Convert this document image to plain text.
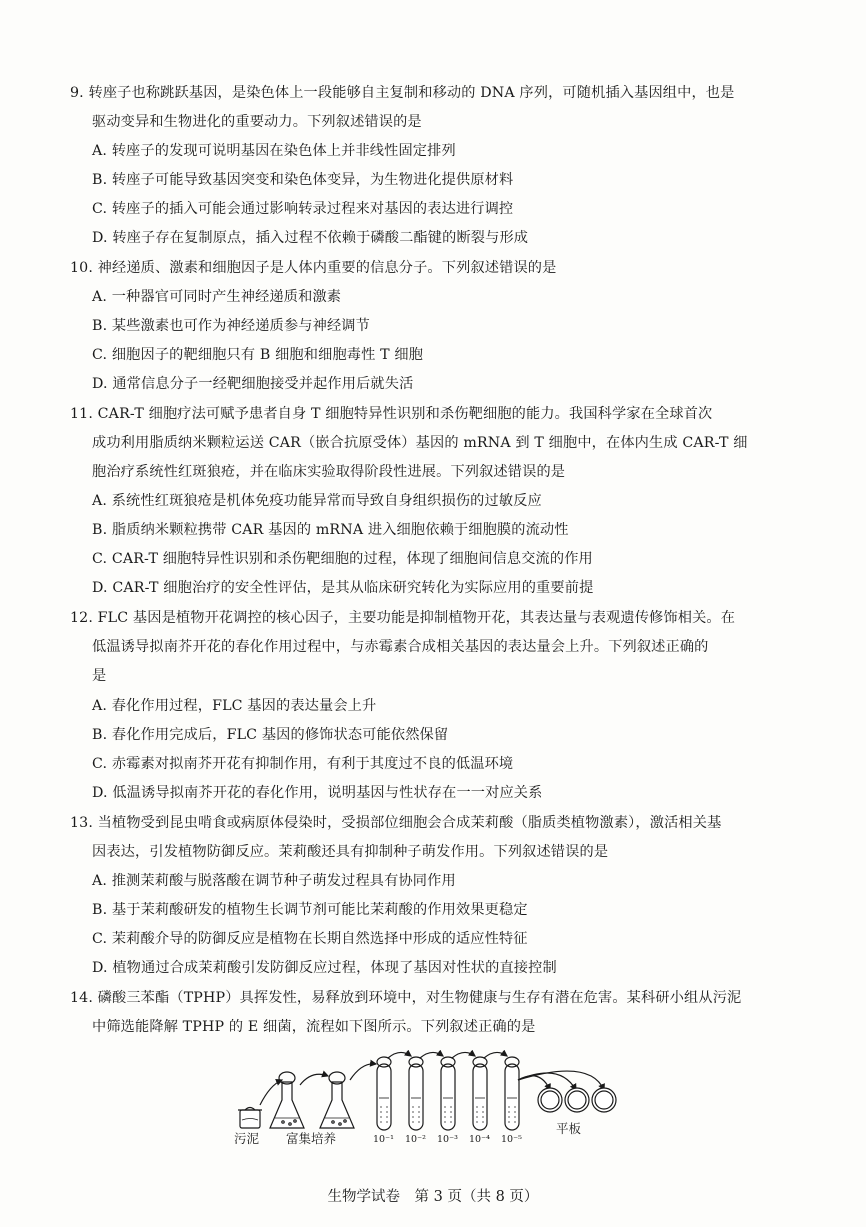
9. 转座子也称跳跃基因，是染色体上一段能够自主复制和移动的 DNA 序列，可随机插入基因组中，也是
驱动变异和生物进化的重要动力。下列叙述错误的是
A. 转座子的发现可说明基因在染色体上并非线性固定排列
B. 转座子可能导致基因突变和染色体变异，为生物进化提供原材料
C. 转座子的插入可能会通过影响转录过程来对基因的表达进行调控
D. 转座子存在复制原点，插入过程不依赖于磷酸二酯键的断裂与形成
10. 神经递质、激素和细胞因子是人体内重要的信息分子。下列叙述错误的是
A. 一种器官可同时产生神经递质和激素
B. 某些激素也可作为神经递质参与神经调节
C. 细胞因子的靶细胞只有 B 细胞和细胞毒性 T 细胞
D. 通常信息分子一经靶细胞接受并起作用后就失活
11. CAR-T 细胞疗法可赋予患者自身 T 细胞特异性识别和杀伤靶细胞的能力。我国科学家在全球首次
成功利用脂质纳米颗粒运送 CAR（嵌合抗原受体）基因的 mRNA 到 T 细胞中，在体内生成 CAR-T 细
胞治疗系统性红斑狼疮，并在临床实验取得阶段性进展。下列叙述错误的是
A. 系统性红斑狼疮是机体免疫功能异常而导致自身组织损伤的过敏反应
B. 脂质纳米颗粒携带 CAR 基因的 mRNA 进入细胞依赖于细胞膜的流动性
C. CAR-T 细胞特异性识别和杀伤靶细胞的过程，体现了细胞间信息交流的作用
D. CAR-T 细胞治疗的安全性评估，是其从临床研究转化为实际应用的重要前提
12. FLC 基因是植物开花调控的核心因子，主要功能是抑制植物开花，其表达量与表观遗传修饰相关。在
低温诱导拟南芥开花的春化作用过程中，与赤霉素合成相关基因的表达量会上升。下列叙述正确的
是
A. 春化作用过程，FLC 基因的表达量会上升
B. 春化作用完成后，FLC 基因的修饰状态可能依然保留
C. 赤霉素对拟南芥开花有抑制作用，有利于其度过不良的低温环境
D. 低温诱导拟南芥开花的春化作用，说明基因与性状存在一一对应关系
13. 当植物受到昆虫啃食或病原体侵染时，受损部位细胞会合成茉莉酸（脂质类植物激素），激活相关基
因表达，引发植物防御反应。茉莉酸还具有抑制种子萌发作用。下列叙述错误的是
A. 推测茉莉酸与脱落酸在调节种子萌发过程具有协同作用
B. 基于茉莉酸研发的植物生长调节剂可能比茉莉酸的作用效果更稳定
C. 茉莉酸介导的防御反应是植物在长期自然选择中形成的适应性特征
D. 植物通过合成茉莉酸引发防御反应过程，体现了基因对性状的直接控制
14. 磷酸三苯酯（TPHP）具挥发性，易释放到环境中，对生物健康与生存有潜在危害。某科研小组从污泥
中筛选能降解 TPHP 的 E 细菌，流程如下图所示。下列叙述正确的是
污泥 富集培养	10⁻¹ 10⁻² 10⁻³ 10⁻⁴ 10⁻⁵
平板
生物学试卷　第 3 页（共 8 页）
